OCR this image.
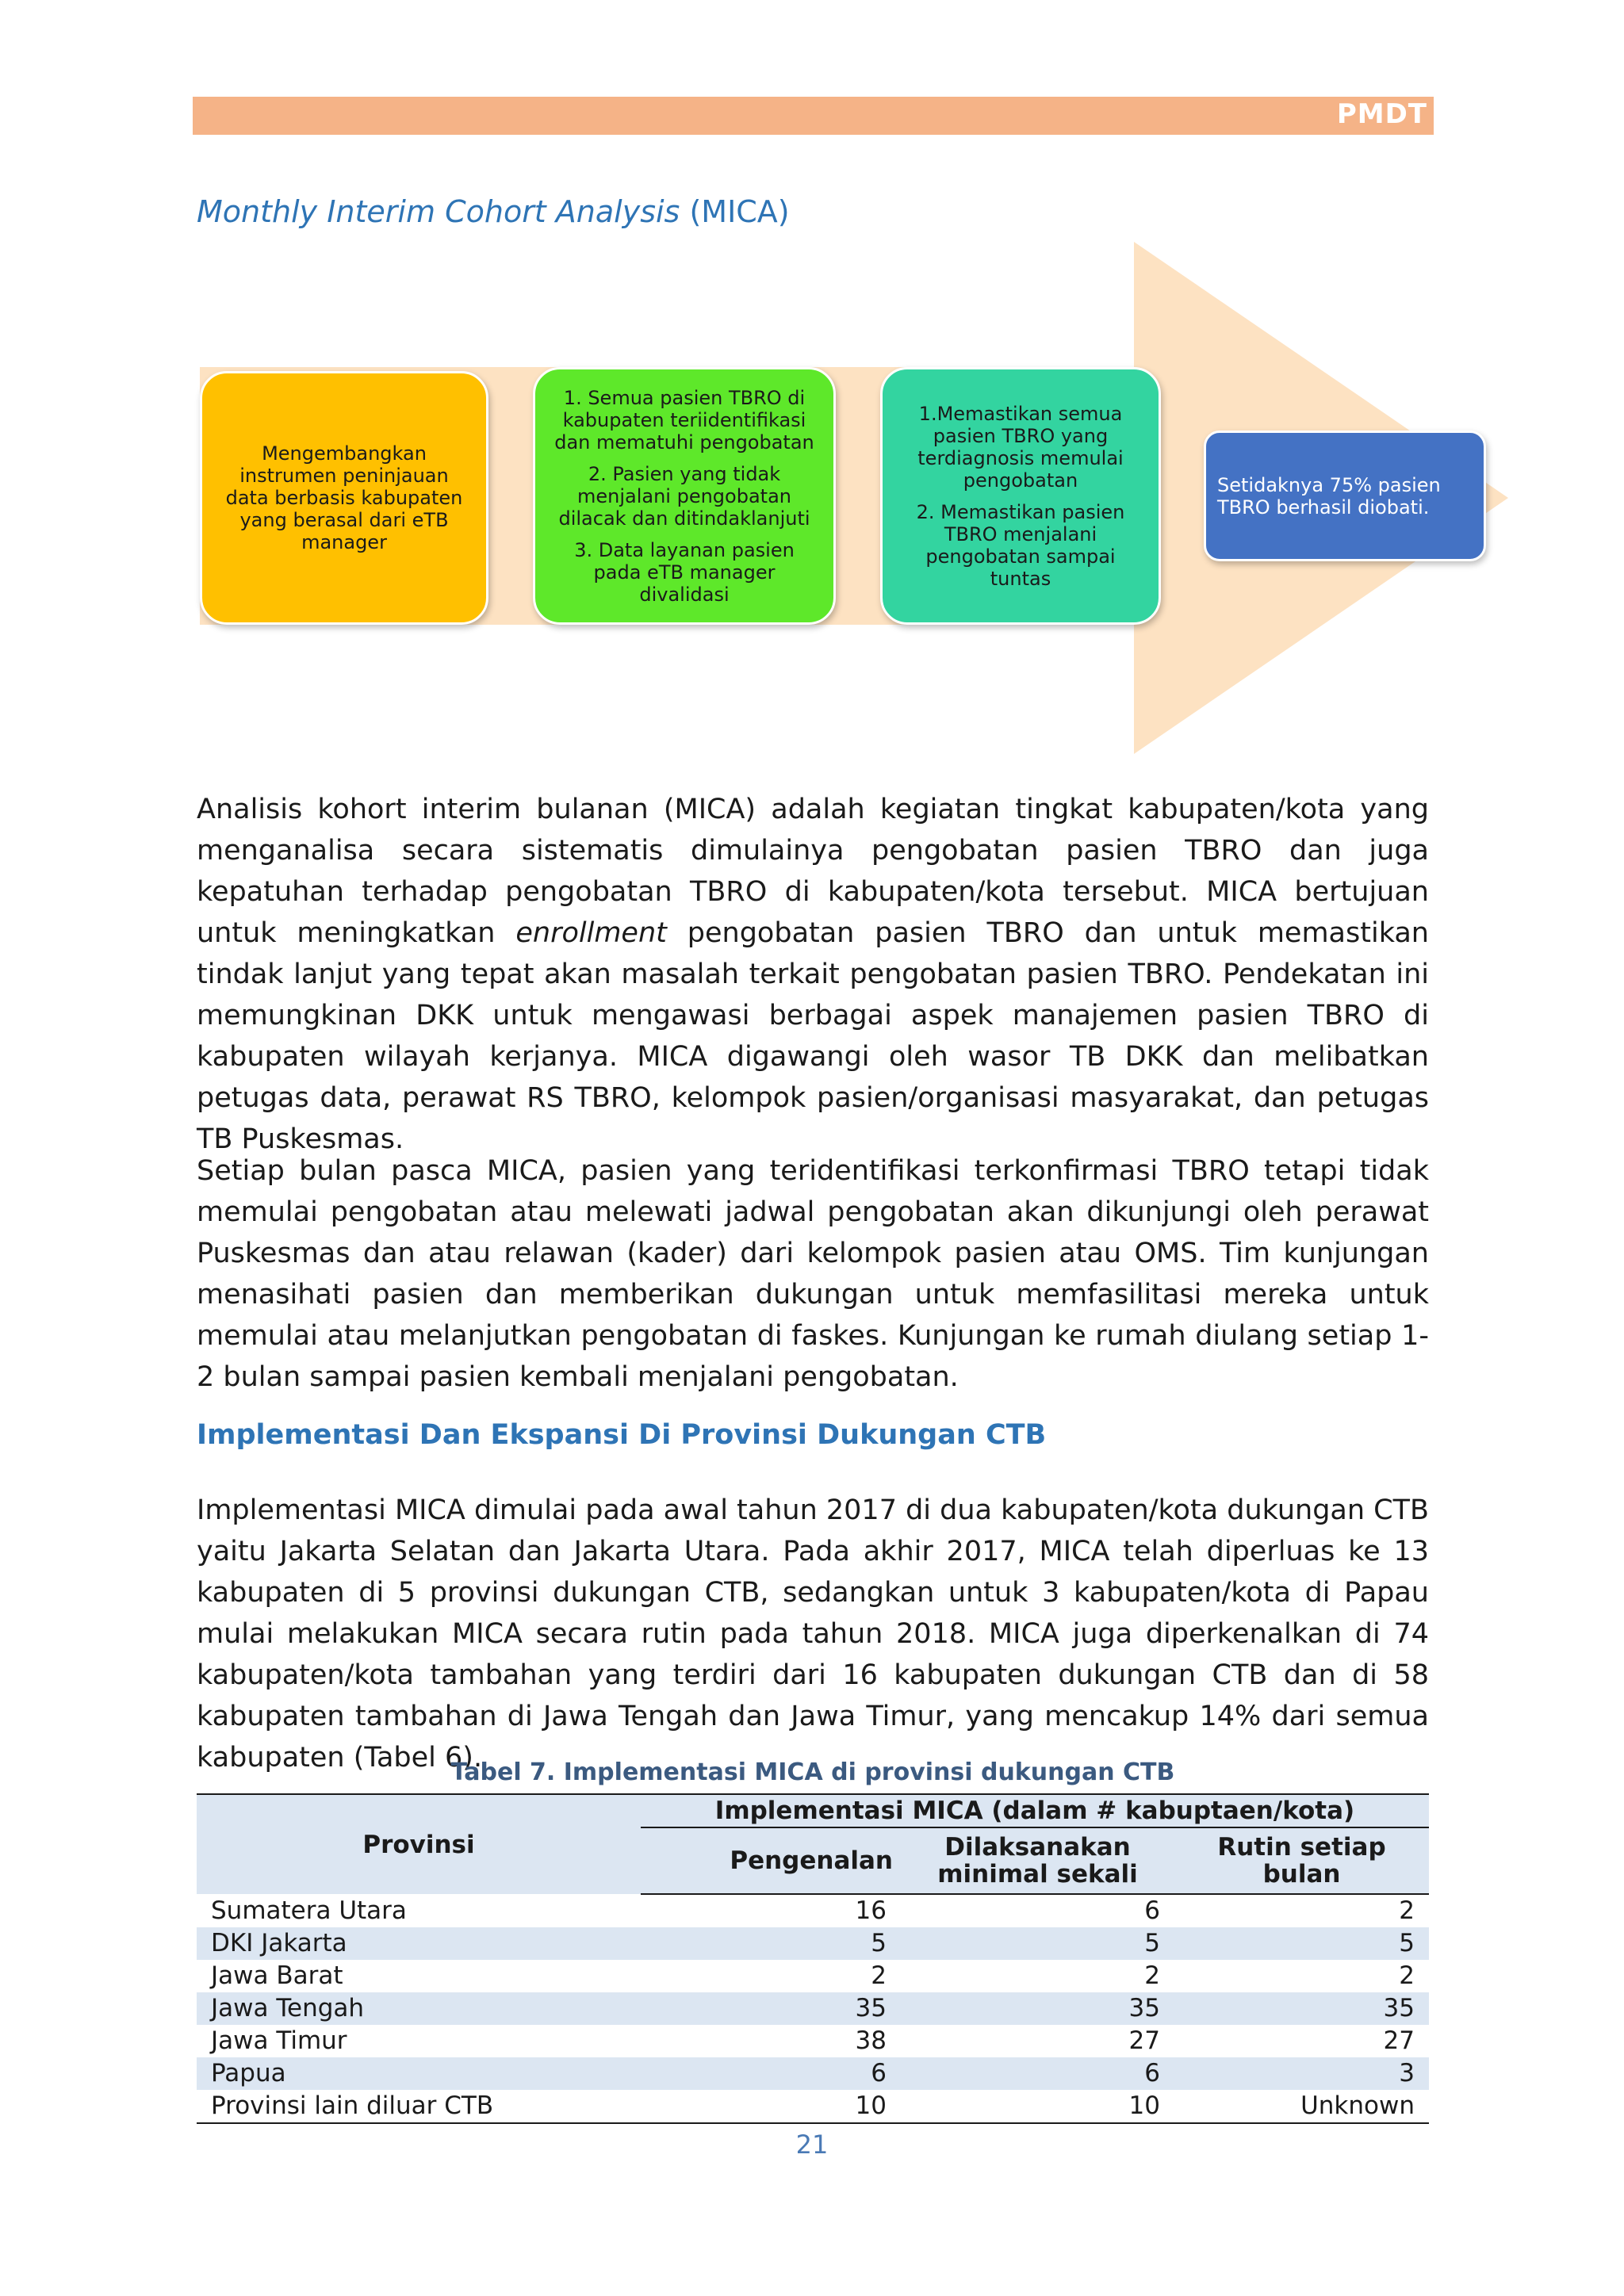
PMDT
Monthly Interim Cohort Analysis (MICA)

Mengembangkan instrumen peninjauan data berbasis kabupaten yang berasal dari eTB manager

1. Semua pasien TBRO di kabupaten teriidentifikasi dan mematuhi pengobatan

2. Pasien yang tidak menjalani pengobatan dilacak dan ditindaklanjuti

3. Data layanan pasien pada eTB manager divalidasi

1.Memastikan semua pasien TBRO yang terdiagnosis memulai pengobatan

2. Memastikan pasien TBRO menjalani pengobatan sampai tuntas

Setidaknya 75% pasien TBRO berhasil diobati.

Analisis kohort interim bulanan (MICA) adalah kegiatan tingkat kabupaten/kota yang menganalisa secara sistematis dimulainya pengobatan pasien TBRO dan juga kepatuhan terhadap pengobatan TBRO di kabupaten/kota tersebut. MICA bertujuan untuk meningkatkan enrollment pengobatan pasien TBRO dan untuk memastikan tindak lanjut yang tepat akan masalah terkait pengobatan pasien TBRO. Pendekatan ini memungkinan DKK untuk mengawasi berbagai aspek manajemen pasien TBRO di kabupaten wilayah kerjanya. MICA digawangi oleh wasor TB DKK dan melibatkan petugas data, perawat RS TBRO, kelompok pasien/organisasi masyarakat, dan petugas TB Puskesmas.

Setiap bulan pasca MICA, pasien yang teridentifikasi terkonfirmasi TBRO tetapi tidak memulai pengobatan atau melewati jadwal pengobatan akan dikunjungi oleh perawat Puskesmas dan atau relawan (kader) dari kelompok pasien atau OMS. Tim kunjungan menasihati pasien dan memberikan dukungan untuk memfasilitasi mereka untuk memulai atau melanjutkan pengobatan di faskes. Kunjungan ke rumah diulang setiap 1-2 bulan sampai pasien kembali menjalani pengobatan.

Implementasi Dan Ekspansi Di Provinsi Dukungan CTB

Implementasi MICA dimulai pada awal tahun 2017 di dua kabupaten/kota dukungan CTB yaitu Jakarta Selatan dan Jakarta Utara. Pada akhir 2017, MICA telah diperluas ke 13 kabupaten di 5 provinsi dukungan CTB, sedangkan untuk 3 kabupaten/kota di Papau mulai melakukan MICA secara rutin pada tahun 2018. MICA juga diperkenalkan di 74 kabupaten/kota tambahan yang terdiri dari 16 kabupaten dukungan CTB dan di 58 kabupaten tambahan di Jawa Tengah dan Jawa Timur, yang mencakup 14% dari semua kabupaten (Tabel 6).

Tabel 7. Implementasi MICA di provinsi dukungan CTB
Provinsi	Implementasi MICA (dalam # kabuptaen/kota)		
	Pengenalan	Dilaksanakan minimal sekali	Rutin setiap bulan
Sumatera Utara	16	6	2
DKI Jakarta	5	5	5
Jawa Barat	2	2	2
Jawa Tengah	35	35	35
Jawa Timur	38	27	27
Papua	6	6	3
Provinsi lain diluar CTB	10	10	Unknown
21
